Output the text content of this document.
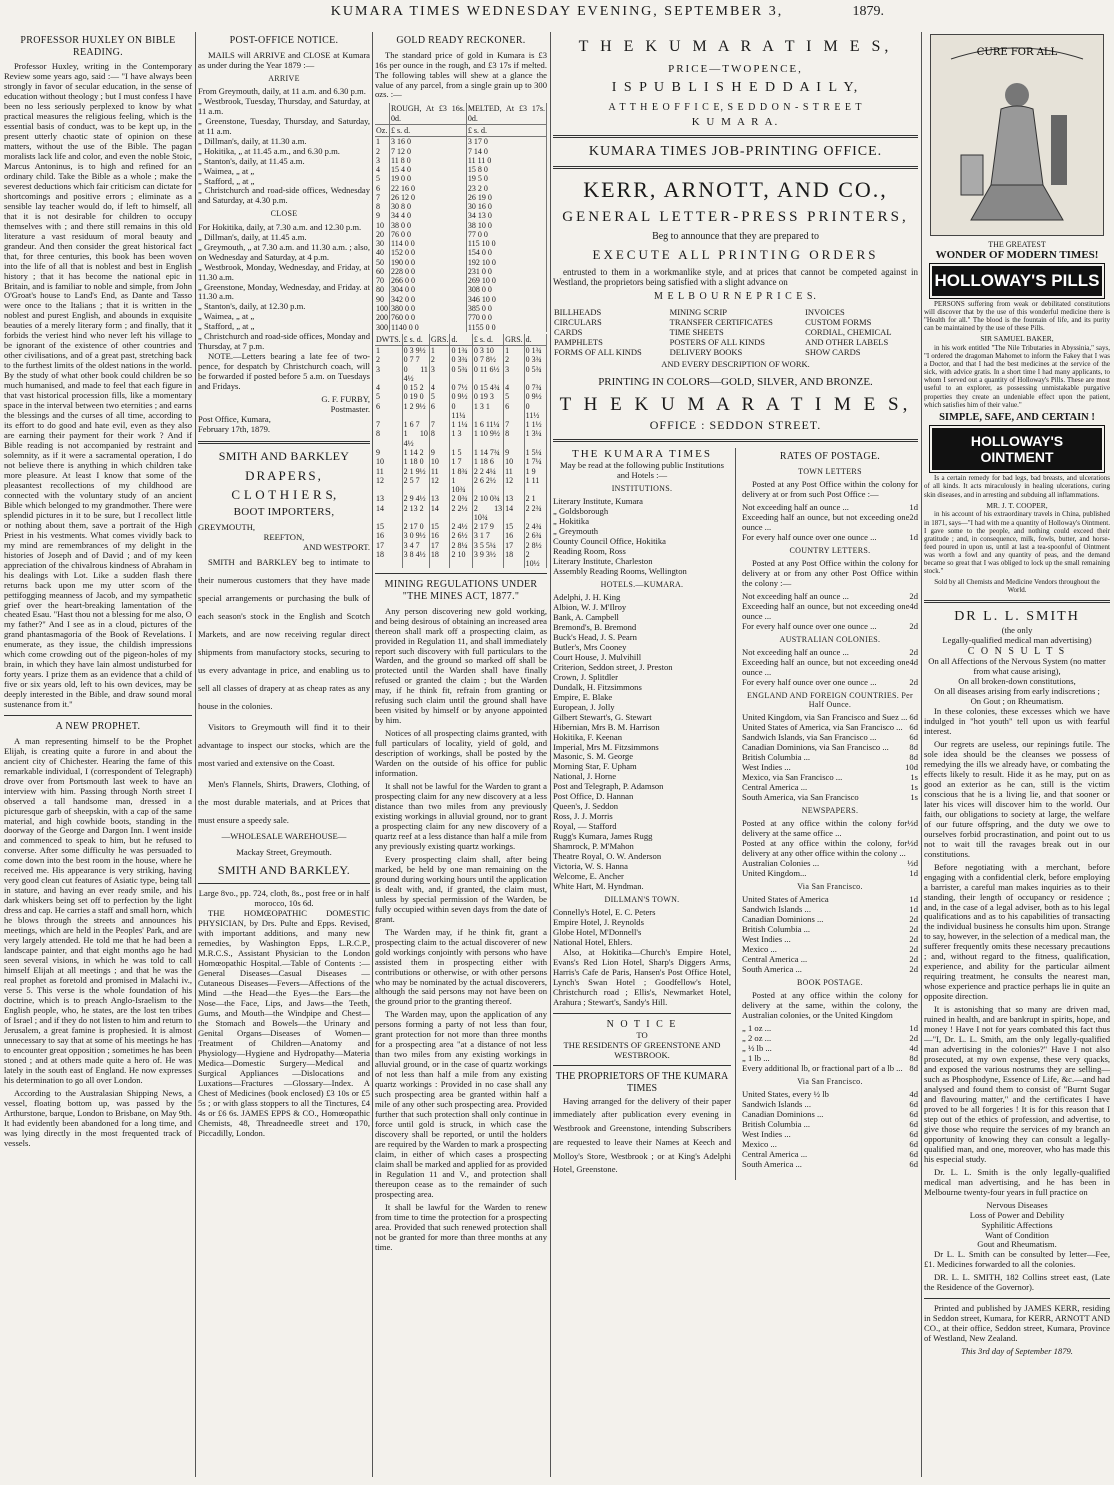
KUMARA TIMES WEDNESDAY EVENING, SEPTEMBER 3,	1879.
PROFESSOR HUXLEY ON BIBLE READING.

Professor Huxley, writing in the Contemporary Review some years ago, said :— "I have always been strongly in favor of secular education, in the sense of education without theology ; but I must confess I have been no less seriously perplexed to know by what practical measures the religious feeling, which is the essential basis of conduct, was to be kept up, in the present utterly chaotic state of opinion on these matters, without the use of the Bible. The pagan moralists lack life and color, and even the noble Stoic, Marcus Antoninus, is to high and refined for an ordinary child. Take the Bible as a whole ; make the severest deductions which fair criticism can dictate for shortcomings and positive errors ; eliminate as a sensible lay teacher would do, if left to himself, all that it is not desirable for children to occupy themselves with ; and there still remains in this old literature a vast residuum of moral beauty and grandeur. And then consider the great historical fact that, for three centuries, this book has been woven into the life of all that is noblest and best in English history ; that it has become the national epic in Britain, and is familiar to noble and simple, from John O'Groat's house to Land's End, as Dante and Tasso were once to the Italians ; that it is written in the noblest and purest English, and abounds in exquisite beauties of a merely literary form ; and finally, that it forbids the veriest hind who never left his village to be ignorant of the existence of other countries and other civilisations, and of a great past, stretching back to the furthest limits of the oldest nations in the world. By the study of what other book could children be so much humanised, and made to feel that each figure in that vast historical procession fills, like a momentary space in the interval between two eternities ; and earns the blessings and the curses of all time, according to its effort to do good and hate evil, even as they also are earning their payment for their work ? And if Bible reading is not accompanied by restraint and solemnity, as if it were a sacramental operation, I do not believe there is anything in which children take more pleasure. At least I know that some of the pleasantest recollections of my childhood are connected with the voluntary study of an ancient Bible which belonged to my grandmother. There were splendid pictures in it to be sure, but I recollect little or nothing about them, save a portrait of the High Priest in his vestments. What comes vividly back to my mind are remembrances of my delight in the histories of Joseph and of David ; and of my keen appreciation of the chivalrous kindness of Abraham in his dealings with Lot. Like a sudden flash there returns back upon me my utter scorn of the pettifogging meanness of Jacob, and my sympathetic grief over the heart-breaking lamentation of the cheated Esau. "Hast thou not a blessing for me also, O my father?" And I see as in a cloud, pictures of the grand phantasmagoria of the Book of Revelations. I enumerate, as they issue, the childish impressions which come crowding out of the pigeon-holes of my brain, in which they have lain almost undisturbed for forty years. I prize them as an evidence that a child of five or six years old, left to his own devices, may be deeply interested in the Bible, and draw sound moral sustenance from it."

A NEW PROPHET.

A man representing himself to be the Prophet Elijah, is creating quite a furore in and about the ancient city of Chichester. Hearing the fame of this remarkable individual, I (correspondent of Telegraph) drove over from Portsmouth last week to have an interview with him. Passing through North street I observed a tall handsome man, dressed in a picturesque garb of sheepskin, with a cap of the same material, and high cowhide boots, standing in the doorway of the George and Dargon Inn. I went inside and commenced to speak to him, but he refused to converse. After some difficulty he was persuaded to come down into the best room in the house, where he received me. His appearance is very striking, having very good clean cut features of Asiatic type, being tall in stature, and having an ever ready smile, and his dark whiskers being set off to perfection by the light dress and cap. He carries a staff and small horn, which he blows through the streets and announces his meetings, which are held in the Peoples' Park, and are very largely attended. He told me that he had been a landscape painter, and that eight months ago he had seen several visions, in which he was told to call himself Elijah at all meetings ; and that he was the real prophet as foretold and promised in Malachi iv., verse 5. This verse is the whole foundation of his doctrine, which is to preach Anglo-Israelism to the English people, who, he states, are the lost ten tribes of Israel ; and if they do not listen to him and return to Jerusalem, a great famine is prophesied. It is almost unnecessary to say that at some of his meetings he has to encounter great opposition ; sometimes he has been stoned ; and at others made quite a hero of. He was lately in the south east of England. He now expresses his determination to go all over London.

According to the Australasian Shipping News, a vessel, floating bottom up, was passed by the Arthurstone, barque, London to Brisbane, on May 9th. It had evidently been abandoned for a long time, and was lying directly in the most frequented track of vessels.

POST-OFFICE NOTICE.

MAILS will ARRIVE and CLOSE at Kumara as under during the Year 1879 :—

ARRIVE
From Greymouth, daily, at 11 a.m. and 6.30 p.m.
„ Westbrook, Tuesday, Thursday, and Saturday, at 11 a.m.
„ Greenstone, Tuesday, Thursday, and Saturday, at 11 a.m.
„ Dillman's, daily, at 11.30 a.m.
„ Hokitika, „ at 11.45 a.m., and 6.30 p.m.
„ Stanton's, daily, at 11.45 a.m.
„ Waimea, „ at „
„ Stafford, „ at „
„ Christchurch and road-side offices, Wednesday and Saturday, at 4.30 p.m.
CLOSE
For Hokitika, daily, at 7.30 a.m. and 12.30 p.m.
„ Dillman's, daily, at 11.45 a.m.
„ Greymouth, „ at 7.30 a.m. and 11.30 a.m. ; also, on Wednesday and Saturday, at 4 p.m.
„ Westbrook, Monday, Wednesday, and Friday, at 11.30 a.m.
„ Greenstone, Monday, Wednesday, and Friday. at 11.30 a.m.
„ Stanton's, daily, at 12.30 p.m.
„ Waimea, „ at „
„ Stafford, „ at „
„ Christchurch and road-side offices, Monday and Thursday, at 7 p.m.

NOTE.—Letters bearing a late fee of two-pence, for despatch by Christchurch coach, will be forwarded if posted before 5 a.m. on Tuesdays and Fridays.

G. F. FURBY,
Postmaster.
Post Office, Kumara,
February 17th, 1879.
SMITH AND BARKLEY
DRAPERS,
C L O T H I E R S,
BOOT IMPORTERS,
GREYMOUTH,
REEFTON,
AND WESTPORT.

SMITH and BARKLEY beg to intimate to their numerous customers that they have made special arrangements or purchasing the bulk of each season's stock in the English and Scotch Markets, and are now receiving regular direct shipments from manufactory stocks, securing to us every advantage in price, and enabling us to sell all classes of drapery at as cheap rates as any house in the colonies.

Visitors to Greymouth will find it to their advantage to inspect our stocks, which are the most varied and extensive on the Coast.

Men's Flannels, Shirts, Drawers, Clothing, of the most durable materials, and at Prices that must ensure a speedy sale.

—WHOLESALE WAREHOUSE—
Mackay Street, Greymouth.
SMITH AND BARKLEY.
Large 8vo., pp. 724, cloth, 8s., post free or in half morocco, 10s 6d.

THE HOMŒOPATHIC DOMESTIC PHYSICIAN, by Drs. Pulte and Epps. Revised, with important additions, and many new remedies, by Washington Epps, L.R.C.P., M.R.C.S., Assistant Physician to the London Homœopathic Hospital.—Table of Contents :—General Diseases—Casual Diseases — Cutaneous Diseases—Fevers—Affections of the Mind —the Head—the Eyes—the Ears—the Nose—the Face, Lips, and Jaws—the Teeth, Gums, and Mouth—the Windpipe and Chest—the Stomach and Bowels—the Urinary and Genital Organs—Diseases of Women—Treatment of Children—Anatomy and Physiology—Hygiene and Hydropathy—Materia Medica—Domestic Surgery—Medical and Surgical Appliances —Dislocations and Luxations—Fractures —Glossary—Index. A Chest of Medicines (book enclosed) £3 10s or £5 5s ; or with glass stoppers to all the Tinctures, £4 4s or £6 6s. JAMES EPPS & CO., Homœopathic Chemists, 48, Threadneedle street and 170, Piccadilly, London.

GOLD READY RECKONER.

The standard price of gold in Kumara is £3 16s per ounce in the rough, and £3 17s if melted. The following tables will shew at a glance the value of any parcel, from a single grain up to 300 ozs. :—

	ROUGH, At £3 16s. 0d.	MELTED, At £3 17s. 0d.
Oz.	£ s. d.	£ s. d.
1	3 16 0	3 17 0
2	7 12 0	7 14 0
3	11 8 0	11 11 0
4	15 4 0	15 8 0
5	19 0 0	19 5 0
6	22 16 0	23 2 0
7	26 12 0	26 19 0
8	30 8 0	30 16 0
9	34 4 0	34 13 0
10	38 0 0	38 10 0
20	76 0 0	77 0 0
30	114 0 0	115 10 0
40	152 0 0	154 0 0
50	190 0 0	192 10 0
60	228 0 0	231 0 0
70	266 0 0	269 10 0
80	304 0 0	308 0 0
90	342 0 0	346 10 0
100	380 0 0	385 0 0
200	760 0 0	770 0 0
300	1140 0 0	1155 0 0
DWTS.	£ s. d.	GRS.	d.	£ s. d.	GRS.	d.
1	0 3 9½	1	0 1¾	0 3 10	1	0 1¾
2	0 7 7	2	0 3¾	0 7 8½	2	0 3¾
3	0 11 4½	3	0 5¾	0 11 6½	3	0 5¾
4	0 15 2	4	0 7½	0 15 4¾	4	0 7¾
5	0 19 0	5	0 9½	0 19 3	5	0 9½
6	1 2 9½	6	0 11¼	1 3 1	6	0 11½
7	1 6 7	7	1 1¼	1 6 11¼	7	1 1½
8	1 10 4½	8	1 3	1 10 9½	8	1 3¼
9	1 14 2	9	1 5	1 14 7¾	9	1 5¼
10	1 18 0	10	1 7	1 18 6	10	1 7¼
11	2 1 9½	11	1 8¾	2 2 4¼	11	1 9
12	2 5 7	12	1 10¾	2 6 2½	12	1 11
13	2 9 4½	13	2 0¾	2 10 0¾	13	2 1
14	2 13 2	14	2 2½	2 13 10¾	14	2 2¾
15	2 17 0	15	2 4½	2 17 9	15	2 4¾
16	3 0 9½	16	2 6½	3 1 7	16	2 6¾
17	3 4 7	17	2 8¼	3 5 5¼	17	2 8½
18	3 8 4½	18	2 10	3 9 3½	18	2 10½
MINING REGULATIONS UNDER "THE MINES ACT, 1877."

Any person discovering new gold working, and being desirous of obtaining an increased area thereon shall mark off a prospecting claim, as provided in Regulation 11, and shall immediately report such discovery with full particulars to the Warden, and the ground so marked off shall be protected until the Warden shall have finally refused or granted the claim ; but the Warden may, if he think fit, refrain from granting or refusing such claim until the ground shall have been visited by himself or by anyone appointed by him.

Notices of all prospecting claims granted, with full particulars of locality, yield of gold, and description of workings, shall be posted by the Warden on the outside of his office for public information.

It shall not be lawful for the Warden to grant a prospecting claim for any new discovery at a less distance than two miles from any previously existing workings in alluvial ground, nor to grant a prospecting claim for any new discovery of a quartz reef at a less distance than half a mile from any previously existing quartz workings.

Every prospecting claim shall, after being marked, be held by one man remaining on the ground during working hours until the application is dealt with, and, if granted, the claim must, unless by special permission of the Warden, be fully occupied within seven days from the date of grant.

The Warden may, if he think fit, grant a prospecting claim to the actual discoverer of new gold workings conjointly with persons who have assisted them in prospecting either with contributions or otherwise, or with other persons who may be nominated by the actual discoverers, although the said persons may not have been on the ground prior to the granting thereof.

The Warden may, upon the application of any persons forming a party of not less than four, grant protection for not more than three months for a prospecting area "at a distance of not less than two miles from any existing workings in alluvial ground, or in the case of quartz workings of not less than half a mile from any existing quartz workings : Provided in no case shall any such prospecting area be granted within half a mile of any other such prospecting area. Provided further that such protection shall only continue in force until gold is struck, in which case the discovery shall be reported, or until the holders are required by the Warden to mark a prospecting claim, in either of which cases a prospecting claim shall be marked and applied for as provided in Regulation 11 and V., and protection shall thereupon cease as to the remainder of such prospecting area.

It shall be lawful for the Warden to renew from time to time the protection for a prospecting area. Provided that such renewed protection shall not be granted for more than three months at any time.

T H E K U M A R A T I M E S,
PRICE—TWOPENCE,
I S P U B L I S H E D D A I L Y,
A T T H E O F F I C E, S E D D O N - S T R E E T
K U M A R A.
KUMARA TIMES JOB-PRINTING OFFICE.
KERR, ARNOTT, AND CO.,
GENERAL LETTER-PRESS PRINTERS,
Beg to announce that they are prepared to
EXECUTE ALL PRINTING ORDERS

entrusted to them in a workmanlike style, and at prices that cannot be competed against in Westland, the proprietors being satisfied with a slight advance on

M E L B O U R N E P R I C E S.
BILLHEADS	MINING SCRIP	INVOICES
CIRCULARS	TRANSFER CERTIFICATES	CUSTOM FORMS
CARDS	TIME SHEETS	CORDIAL, CHEMICAL
PAMPHLETS	POSTERS OF ALL KINDS	AND OTHER LABELS
FORMS OF ALL KINDS	DELIVERY BOOKS	SHOW CARDS
AND EVERY DESCRIPTION OF WORK.
PRINTING IN COLORS—GOLD, SILVER, AND BRONZE.
T H E K U M A R A T I M E S,
OFFICE : SEDDON STREET.
THE KUMARA TIMES
May be read at the following public Institutions and Hotels :—
INSTITUTIONS.
Literary Institute, Kumara
„ Goldsborough
„ Hokitika
„ Greymouth
County Council Office, Hokitika
Reading Room, Ross
Literary Institute, Charleston
Assembly Reading Rooms, Wellington
HOTELS.—KUMARA.
Adelphi, J. H. King
Albion, W. J. M'Ilroy
Bank, A. Campbell
Bremond's, B. Bremond
Buck's Head, J. S. Pearn
Butler's, Mrs Cooney
Court House, J. Mulvihill
Criterion, Seddon street, J. Preston
Crown, J. Splitdler
Dundalk, H. Fitzsimmons
Empire, E. Blake
European, J. Jolly
Gilbert Stewart's, G. Stewart
Hibernian, Mrs B. M. Harrison
Hokitika, F. Keenan
Imperial, Mrs M. Fitzsimmons
Masonic, S. M. George
Morning Star, F. Upham
National, J. Horne
Post and Telegraph, P. Adamson
Post Office, D. Hannan
Queen's, J. Seddon
Ross, J. J. Morris
Royal, — Stafford
Rugg's Kumara, James Rugg
Shamrock, P. M'Mahon
Theatre Royal, O. W. Anderson
Victoria, W. S. Hanna
Welcome, E. Ancher
White Hart, M. Hyndman.
DILLMAN'S TOWN.
Connelly's Hotel, E. C. Peters
Empire Hotel, J. Reynolds
Globe Hotel, M'Donnell's
National Hotel, Ehlers.

Also, at Hokitika—Church's Empire Hotel, Evans's Red Lion Hotel, Sharp's Diggers Arms, Harris's Cafe de Paris, Hansen's Post Office Hotel, Lynch's Swan Hotel ; Goodfellow's Hotel, Christchurch road ; Ellis's, Newmarket Hotel, Arahura ; Stewart's, Sandy's Hill.

N O T I C E
TO
THE RESIDENTS OF GREENSTONE AND WESTBROOK.
THE PROPRIETORS OF THE KUMARA TIMES

Having arranged for the delivery of their paper immediately after publication every evening in Westbrook and Greenstone, intending Subscribers are requested to leave their Names at Keech and Molloy's Store, Westbrook ; or at King's Adelphi Hotel, Greenstone.

RATES OF POSTAGE.
TOWN LETTERS

Posted at any Post Office within the colony for delivery at or from such Post Office :—

Not exceeding half an ounce ...	1d
Exceeding half an ounce, but not exceeding one ounce ...
2d
For every half ounce over one ounce ...	1d
COUNTRY LETTERS.

Posted at any Post Office within the colony for delivery at or from any other Post Office within the colony :—

Not exceeding half an ounce ...	2d
Exceeding half an ounce, but not exceeding one ounce ...
4d
For every half ounce over one ounce ...	2d
AUSTRALIAN COLONIES.
Not exceeding half an ounce ...	2d
Exceeding half an ounce, but not exceeding one ounce ...
4d
For every half ounce over one ounce ...	2d
ENGLAND AND FOREIGN COUNTRIES. Per Half Ounce.
United Kingdom, via San Francisco and Suez ... 6d
United States of America, via San Francisco ... 6d
Sandwich Islands, via San Francisco ...	6d
Canadian Dominions, via San Francisco ... 8d
British Columbia ...	8d
West Indies ...	10d
Mexico, via San Francisco ...	1s
Central America ...	1s
South America, via San Francisco	1s
NEWSPAPERS.
Posted at any office within the colony for delivery at the same office ...
½d
Posted at any office within the colony, for delivery at any other office within the colony ...
½d
Australian Colonies ...	½d
United Kingdom...	1d
Via San Francisco.
United States of America	1d
Sandwich Islands ...	1d
Canadian Dominions ...	2d
British Columbia ...	2d
West Indies ...	2d
Mexico ...	2d
Central America ...	2d
South America ...	2d
BOOK POSTAGE.

Posted at any office within the colony for delivery at the same, within the colony, the Australian colonies, or the United Kingdom

„ 1 oz ...	1d
„ 2 oz ...	2d
„ ½ lb ...	4d
„ 1 lb ...	8d
Every additional lb, or fractional part of a lb ... 8d
Via San Francisco.
United States, every ½ lb	4d
Sandwich Islands ...	6d
Canadian Dominions ...	6d
British Columbia ...	6d
West Indies ...	6d
Mexico ...	6d
Central America ...	6d
South America ...	6d
CURE FOR ALL
THE GREATEST
WONDER OF MODERN TIMES!
HOLLOWAY'S PILLS

PERSONS suffering from weak or debilitated constitutions will discover that by the use of this wonderful medicine there is "Health for all." The blood is the fountain of life, and its purity can be maintained by the use of these Pills.

SIR SAMUEL BAKER,

in his work entitled "The Nile Tributaries in Abyssinia," says, "I ordered the dragoman Mahomet to inform the Fakey that I was a Doctor, and that I had the best medicines at the service of the sick, with advice gratis. In a short time I had many applicants, to whom I served out a quantity of Holloway's Pills. These are most useful to an explorer, as possessing unmistakable purgative properties they create an undeniable effect upon the patient, which satisfies him of their value."

SIMPLE, SAFE, AND CERTAIN !
HOLLOWAY'S OINTMENT

Is a certain remedy for bad legs, bad breasts, and ulcerations of all kinds. It acts miraculously in healing ulcerations, curing skin diseases, and in arresting and subduing all inflammations.

MR. J. T. COOPER,

in his account of his extraordinary travels in China, published in 1871, says—"I had with me a quantity of Holloway's Ointment. I gave some to the people, and nothing could exceed their gratitude ; and, in consequence, milk, fowls, butter, and horse-feed poured in upon us, until at last a tea-spoonful of Ointment was worth a fowl and any quantity of peas, and the demand became so great that I was obliged to lock up the small remaining stock."

Sold by all Chemists and Medicine Vendors throughout the World.
DR L. L. SMITH
(the only
Legally-qualified medical man advertising)
C O N S U L T S
On all Affections of the Nervous System (no matter from what cause arising),
On all broken-down constitutions,
On all diseases arising from early indiscretions ;
On Gout ; on Rheumatism.

In these colonies, these excesses which we have indulged in "hot youth" tell upon us with fearful interest.

Our regrets are useless, our repinings futile. The sole idea should be the cleanses we possess of remedying the ills we already have, or combating the effects likely to result. Hide it as he may, put on as good an exterior as he can, still is the victim conscious that he is a living lie, and that sooner or later his vices will discover him to the world. Our faith, our obligations to society at large, the welfare of our future offspring, and the duty we owe to ourselves forbid procrastination, and point out to us not to wait till the ravages break out in our constitutions.

Before negotiating with a merchant, before engaging with a confidential clerk, before employing a barrister, a careful man makes inquiries as to their standing, their length of occupancy or residence ; and, in the case of a legal adviser, both as to his legal qualifications and as to his capabilities of transacting the individual business he consults him upon. Strange to say, however, in the selection of a medical man, the sufferer frequently omits these necessary precautions ; and, without regard to the fitness, qualification, experience, and ability for the particular ailment requiring treatment, he consults the nearest man, whose experience and practice perhaps lie in quite an opposite direction.

It is astonishing that so many are driven mad, ruined in health, and are bankrupt in spirits, hope, and money ! Have I not for years combated this fact thus—"I, Dr. L. L. Smith, am the only legally-qualified man advertising in the colonies?" Have I not also prosecuted, at my own expense, these very quacks, and exposed the various nostrums they are selling—such as Phosphodyne, Essence of Life, &c.—and had analysed and found them to consist of "Burnt Sugar and flavouring matter," and the certificates I have proved to be all forgeries ! It is for this reason that I step out of the ethics of profession, and advertise, to give those who require the services of my branch an opportunity of knowing they can consult a legally-qualified man, and one, moreover, who has made this his especial study.

Dr. L. L. Smith is the only legally-qualified medical man advertising, and he has been in Melbourne twenty-four years in full practice on

Nervous Diseases
Loss of Power and Debility
Syphilitic Affections
Want of Condition
Gout and Rheumatism.

Dr L. L. Smith can be consulted by letter—Fee, £1. Medicines forwarded to all the colonies.

DR. L. L. SMITH, 182 Collins street east, (Late the Residence of the Governor).

Printed and published by JAMES KERR, residing in Seddon street, Kumara, for KERR, ARNOTT AND CO., at their office, Seddon street, Kumara, Province of Westland, New Zealand.

This 3rd day of September 1879.
